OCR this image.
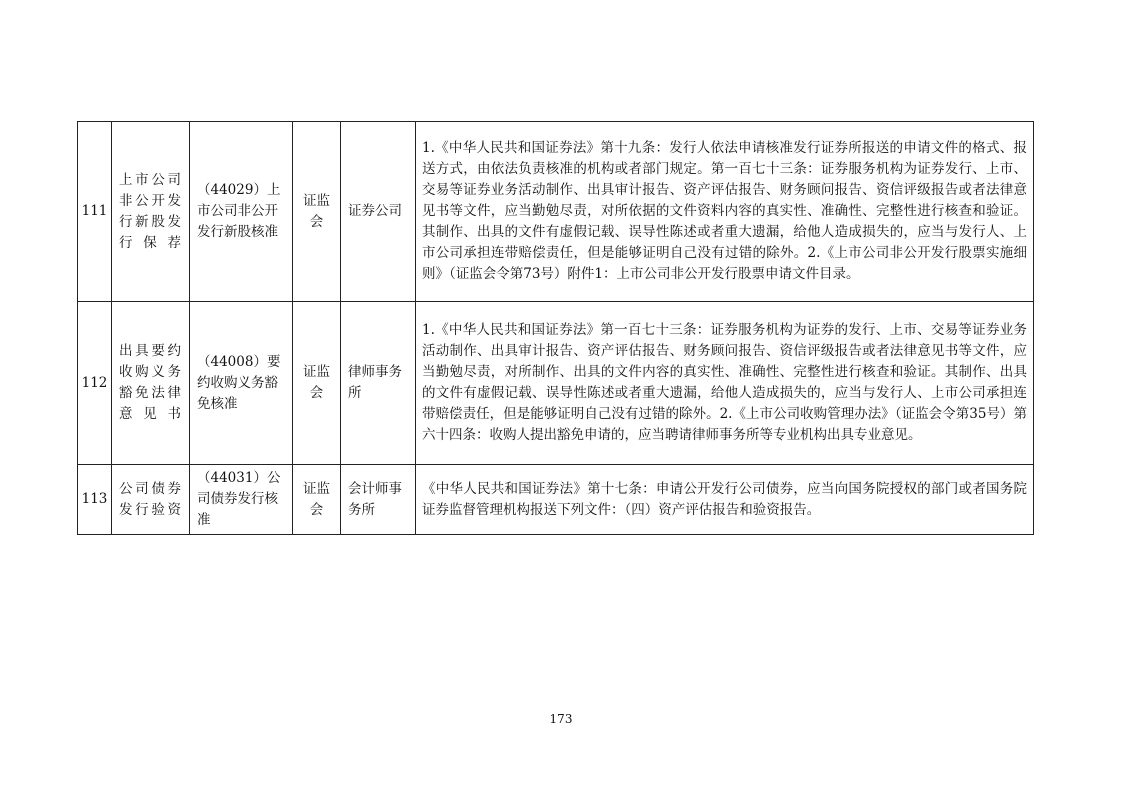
111	上市公司非公开发行新股发行保荐	（44029）上市公司非公开发行新股核准	证监会	证券公司	1.《中华人民共和国证券法》第十九条：发行人依法申请核准发行证券所报送的申请文件的格式、报送方式，由依法负责核准的机构或者部门规定。第一百七十三条：证券服务机构为证券发行、上市、交易等证券业务活动制作、出具审计报告、资产评估报告、财务顾问报告、资信评级报告或者法律意见书等文件，应当勤勉尽责，对所依据的文件资料内容的真实性、准确性、完整性进行核查和验证。其制作、出具的文件有虚假记载、误导性陈述或者重大遗漏，给他人造成损失的，应当与发行人、上市公司承担连带赔偿责任，但是能够证明自己没有过错的除外。2.《上市公司非公开发行股票实施细则》（证监会令第73号）附件1：上市公司非公开发行股票申请文件目录。
112	出具要约收购义务豁免法律意见书	（44008）要约收购义务豁免核准	证监会	律师事务所	1.《中华人民共和国证券法》第一百七十三条：证券服务机构为证券的发行、上市、交易等证券业务活动制作、出具审计报告、资产评估报告、财务顾问报告、资信评级报告或者法律意见书等文件，应当勤勉尽责，对所制作、出具的文件内容的真实性、准确性、完整性进行核查和验证。其制作、出具的文件有虚假记载、误导性陈述或者重大遗漏，给他人造成损失的，应当与发行人、上市公司承担连带赔偿责任，但是能够证明自己没有过错的除外。2.《上市公司收购管理办法》（证监会令第35号）第六十四条：收购人提出豁免申请的，应当聘请律师事务所等专业机构出具专业意见。
113	公司债券发行验资	（44031）公司债券发行核准	证监会	会计师事务所	《中华人民共和国证券法》第十七条：申请公开发行公司债券，应当向国务院授权的部门或者国务院证券监督管理机构报送下列文件：（四）资产评估报告和验资报告。
173
